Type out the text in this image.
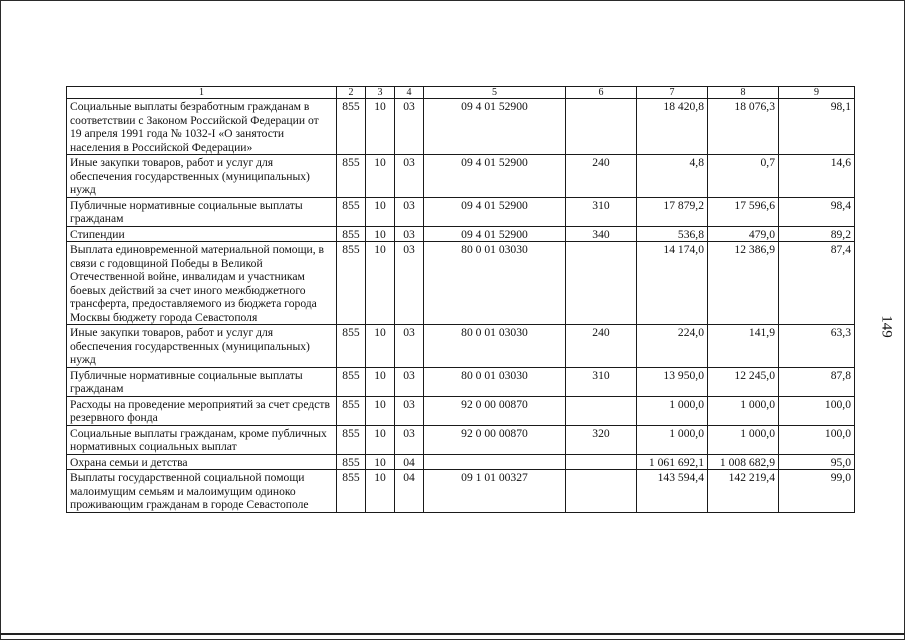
1	2	3	4	5	6	7	8	9
Социальные выплаты безработным гражданам в соответствии с Законом Российской Федерации от 19 апреля 1991 года № 1032-I «О занятости населения в Российской Федерации»	855	10	03	09 4 01 52900		18 420,8	18 076,3	98,1
Иные закупки товаров, работ и услуг для обеспечения государственных (муниципальных) нужд	855	10	03	09 4 01 52900	240	4,8	0,7	14,6
Публичные нормативные социальные выплаты гражданам	855	10	03	09 4 01 52900	310	17 879,2	17 596,6	98,4
Стипендии	855	10	03	09 4 01 52900	340	536,8	479,0	89,2
Выплата единовременной материальной помощи, в связи с годовщиной Победы в Великой Отечественной войне, инвалидам и участникам боевых действий за счет иного межбюджетного трансферта, предоставляемого из бюджета города Москвы бюджету города Севастополя	855	10	03	80 0 01 03030		14 174,0	12 386,9	87,4
Иные закупки товаров, работ и услуг для обеспечения государственных (муниципальных) нужд	855	10	03	80 0 01 03030	240	224,0	141,9	63,3
Публичные нормативные социальные выплаты гражданам	855	10	03	80 0 01 03030	310	13 950,0	12 245,0	87,8
Расходы на проведение мероприятий за счет средств резервного фонда	855	10	03	92 0 00 00870		1 000,0	1 000,0	100,0
Социальные выплаты гражданам, кроме публичных нормативных социальных выплат	855	10	03	92 0 00 00870	320	1 000,0	1 000,0	100,0
Охрана семьи и детства	855	10	04			1 061 692,1	1 008 682,9	95,0
Выплаты государственной социальной помощи малоимущим семьям и малоимущим одиноко проживающим гражданам в городе Севастополе	855	10	04	09 1 01 00327		143 594,4	142 219,4	99,0
149
